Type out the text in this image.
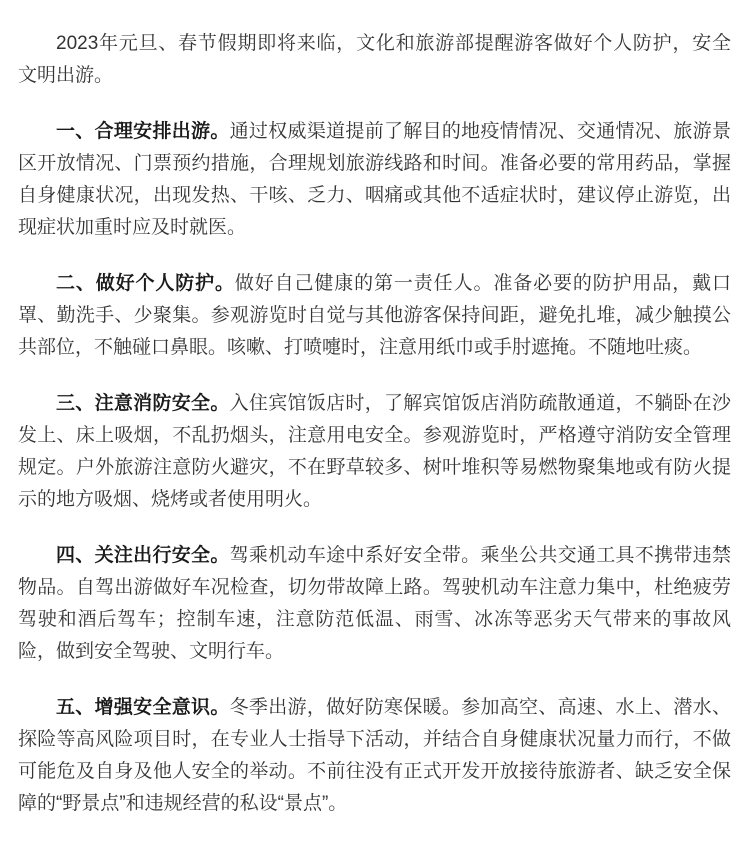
2023年元旦、春节假期即将来临，文化和旅游部提醒游客做好个人防护，安全
文明出游。
一、合理安排出游。通过权威渠道提前了解目的地疫情情况、交通情况、旅游景
区开放情况、门票预约措施，合理规划旅游线路和时间。准备必要的常用药品，掌握
自身健康状况，出现发热、干咳、乏力、咽痛或其他不适症状时，建议停止游览，出
现症状加重时应及时就医。
二、做好个人防护。做好自己健康的第一责任人。准备必要的防护用品，戴口
罩、勤洗手、少聚集。参观游览时自觉与其他游客保持间距，避免扎堆，减少触摸公
共部位，不触碰口鼻眼。咳嗽、打喷嚏时，注意用纸巾或手肘遮掩。不随地吐痰。
三、注意消防安全。入住宾馆饭店时，了解宾馆饭店消防疏散通道，不躺卧在沙
发上、床上吸烟，不乱扔烟头，注意用电安全。参观游览时，严格遵守消防安全管理
规定。户外旅游注意防火避灾，不在野草较多、树叶堆积等易燃物聚集地或有防火提
示的地方吸烟、烧烤或者使用明火。
四、关注出行安全。驾乘机动车途中系好安全带。乘坐公共交通工具不携带违禁
物品。自驾出游做好车况检查，切勿带故障上路。驾驶机动车注意力集中，杜绝疲劳
驾驶和酒后驾车；控制车速，注意防范低温、雨雪、冰冻等恶劣天气带来的事故风
险，做到安全驾驶、文明行车。
五、增强安全意识。冬季出游，做好防寒保暖。参加高空、高速、水上、潜水、
探险等高风险项目时，在专业人士指导下活动，并结合自身健康状况量力而行，不做
可能危及自身及他人安全的举动。不前往没有正式开发开放接待旅游者、缺乏安全保
障的“野景点”和违规经营的私设“景点”。
